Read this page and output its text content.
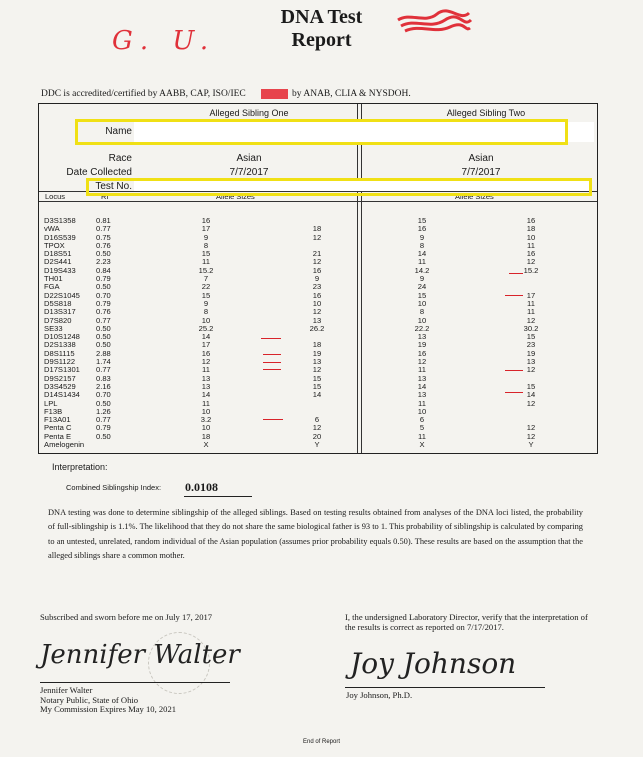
DNA Test
Report
G. U.
DDC is accredited/certified by AABB, CAP, ISO/IEC	by ANAB, CLIA & NYSDOH.
Alleged Sibling One	Alleged Sibling Two
Name
Race	Asian	Asian
Date Collected	7/7/2017	7/7/2017
Test No.
Locus	RI	Allele Sizes	Allele Sizes
D3S1358	0.81	16		15	16
vWA	0.77	17	18	16	18
D16S539	0.75	9	12	9	10
TPOX	0.76	8		8	11
D18S51	0.50	15	21	14	16
D2S441	2.23	11	12	11	12
D19S433	0.84	15.2	16	14.2	15.2
TH01	0.79	7	9	9	
FGA	0.50	22	23	24	
D22S1045	0.70	15	16	15	17
D5S818	0.79	9	10	10	11
D13S317	0.76	8	12	8	11
D7S820	0.77	10	13	10	12
SE33	0.50	25.2	26.2	22.2	30.2
D10S1248	0.50	14		13	15
D2S1338	0.50	17	18	19	23
D8S1115	2.88	16	19	16	19
D9S1122	1.74	12	13	12	13
D17S1301	0.77	11	12	11	12
D9S2157	0.83	13	15	13	
D3S4529	2.16	13	15	14	15
D14S1434	0.70	14	14	13	14
LPL	0.50	11		11	12
F13B	1.26	10		10	
F13A01	0.77	3.2	6	6	
Penta C	0.79	10	12	5	12
Penta E	0.50	18	20	11	12
Amelogenin		X	Y	X	Y
Interpretation:
Combined Siblingship Index: 0.0108
DNA testing was done to determine siblingship of the alleged siblings. Based on testing results obtained from analyses of the DNA loci listed, the probability of full-siblingship is 1.1%. The likelihood that they do not share the same biological father is 93 to 1. This probability of siblingship is calculated by comparing to an untested, unrelated, random individual of the Asian population (assumes prior probability equals 0.50). These results are based on the assumption that the alleged siblings share a common mother.
Subscribed and sworn before me on July 17, 2017	I, the undersigned Laboratory Director, verify that the interpretation of the results is correct as reported on 7/17/2017.
Jennifer Walter
Jennifer Walter
Notary Public, State of Ohio
My Commission Expires May 10, 2021
Joy Johnson
Joy Johnson, Ph.D.
End of Report
